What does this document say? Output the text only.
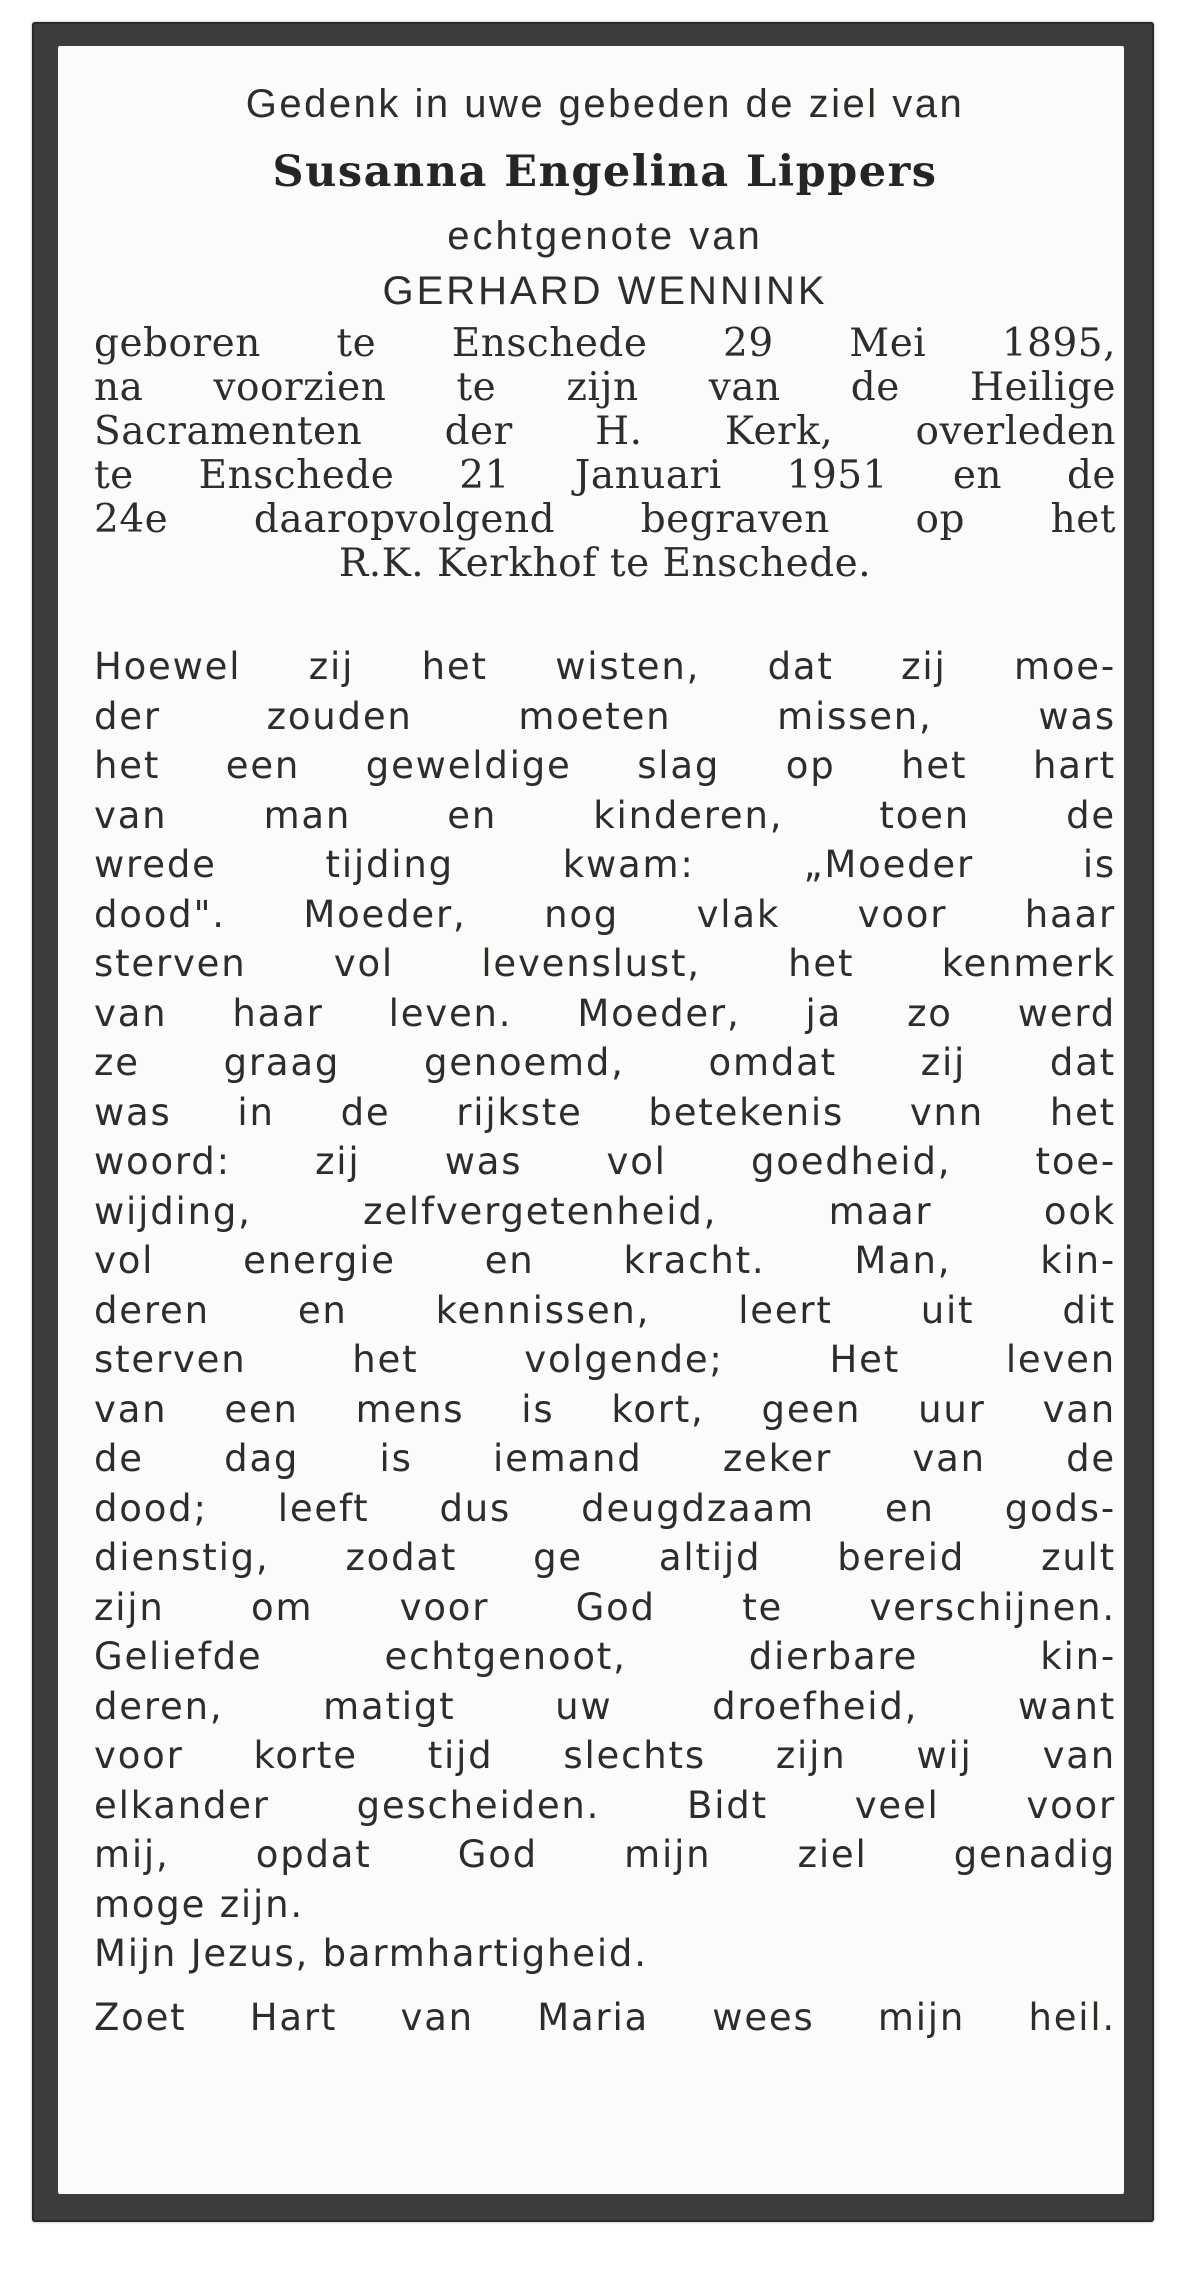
Gedenk in uwe gebeden de ziel van

Susanna Engelina Lippers

echtgenote van

GERHARD WENNINK

geboren te Enschede 29 Mei 1895,
na voorzien te zijn van de Heilige
Sacramenten der H. Kerk, overleden
te Enschede 21 Januari 1951 en de
24e daaropvolgend begraven op het
R.K. Kerkhof te Enschede.
Hoewel zij het wisten, dat zij moe-
der zouden moeten missen, was
het een geweldige slag op het hart
van man en kinderen, toen de
wrede tijding kwam: „Moeder is
dood". Moeder, nog vlak voor haar
sterven vol levenslust, het kenmerk
van haar leven. Moeder, ja zo werd
ze graag genoemd, omdat zij dat
was in de rijkste betekenis vnn het
woord: zij was vol goedheid, toe-
wijding, zelfvergetenheid, maar ook
vol energie en kracht. Man, kin-
deren en kennissen, leert uit dit
sterven het volgende; Het leven
van een mens is kort, geen uur van
de dag is iemand zeker van de
dood; leeft dus deugdzaam en gods-
dienstig, zodat ge altijd bereid zult
zijn om voor God te verschijnen.
Geliefde echtgenoot, dierbare kin-
deren, matigt uw droefheid, want
voor korte tijd slechts zijn wij van
elkander gescheiden. Bidt veel voor
mij, opdat God mijn ziel genadig
moge zijn.
Mijn Jezus, barmhartigheid.
Zoet Hart van Maria wees mijn heil.
